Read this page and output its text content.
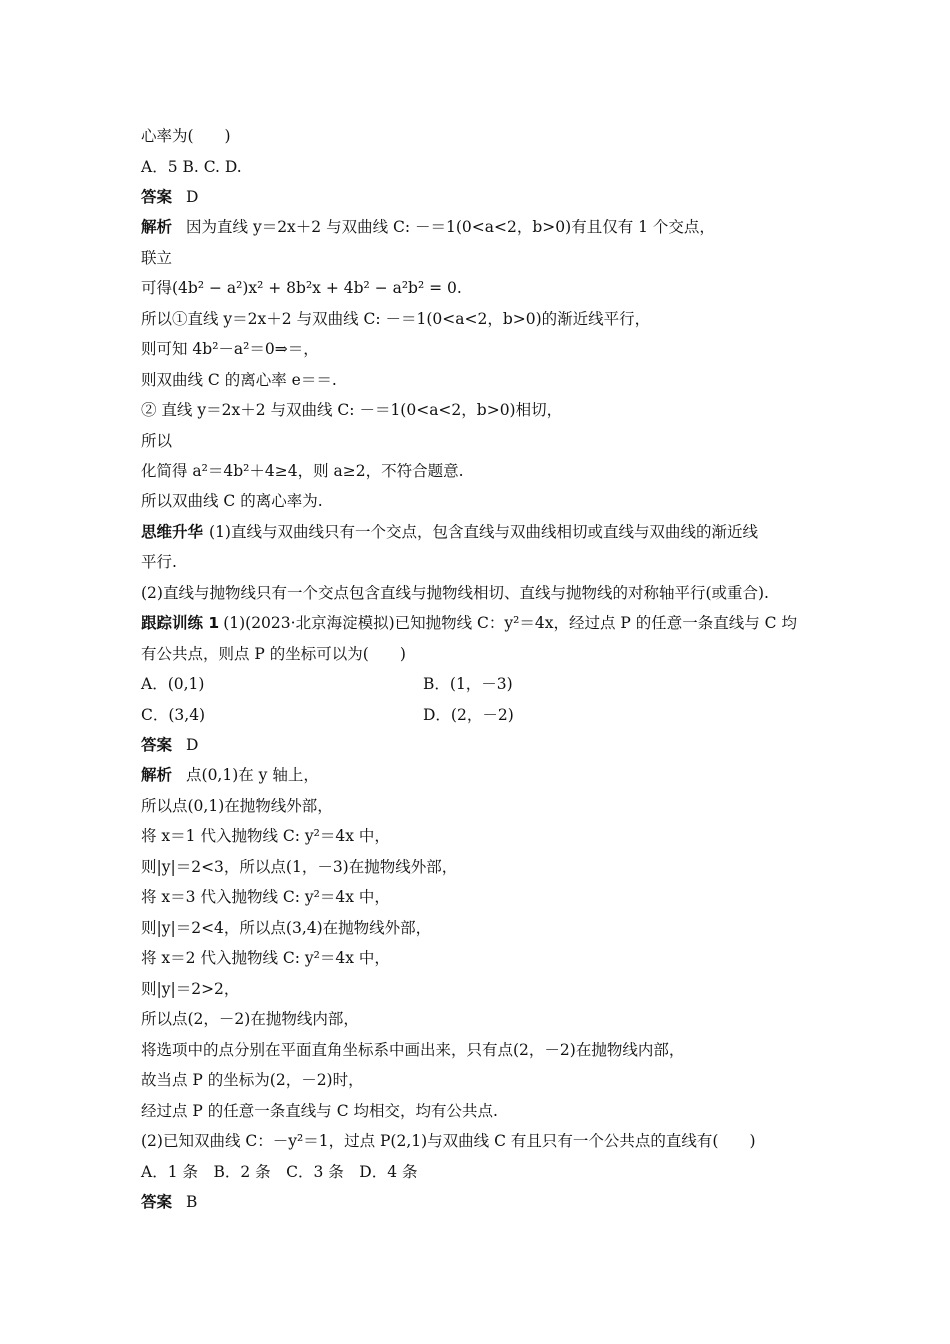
心率为(　　)
A．5 B. C. D.
答案 D
解析 因为直线 y＝2x＋2 与双曲线 C: －＝1(0<a<2，b>0)有且仅有 1 个交点，
联立
可得(4b² − a²)x² + 8b²x + 4b² − a²b² = 0.
所以①直线 y＝2x＋2 与双曲线 C: －＝1(0<a<2，b>0)的渐近线平行，
则可知 4b²－a²＝0⇒＝，
则双曲线 C 的离心率 e＝＝.
② 直线 y＝2x＋2 与双曲线 C: －＝1(0<a<2，b>0)相切，
所以
化简得 a²＝4b²＋4≥4，则 a≥2，不符合题意.
所以双曲线 C 的离心率为.
思维升华 (1)直线与双曲线只有一个交点，包含直线与双曲线相切或直线与双曲线的渐近线
平行.
(2)直线与抛物线只有一个交点包含直线与抛物线相切、直线与抛物线的对称轴平行(或重合).
跟踪训练 1 (1)(2023·北京海淀模拟)已知抛物线 C：y²＝4x，经过点 P 的任意一条直线与 C 均
有公共点，则点 P 的坐标可以为(　　)
A．(0,1)	B．(1，－3)
C．(3,4)	D．(2，－2)
答案 D
解析 点(0,1)在 y 轴上，
所以点(0,1)在抛物线外部，
将 x＝1 代入抛物线 C: y²＝4x 中，
则|y|＝2<3，所以点(1，－3)在抛物线外部，
将 x＝3 代入抛物线 C: y²＝4x 中，
则|y|＝2<4，所以点(3,4)在抛物线外部，
将 x＝2 代入抛物线 C: y²＝4x 中，
则|y|＝2>2，
所以点(2，－2)在抛物线内部，
将选项中的点分别在平面直角坐标系中画出来，只有点(2，－2)在抛物线内部，
故当点 P 的坐标为(2，－2)时，
经过点 P 的任意一条直线与 C 均相交，均有公共点.
(2)已知双曲线 C：－y²＝1，过点 P(2,1)与双曲线 C 有且只有一个公共点的直线有(　　)
A．1 条　B．2 条　C．3 条　D．4 条
答案 B
